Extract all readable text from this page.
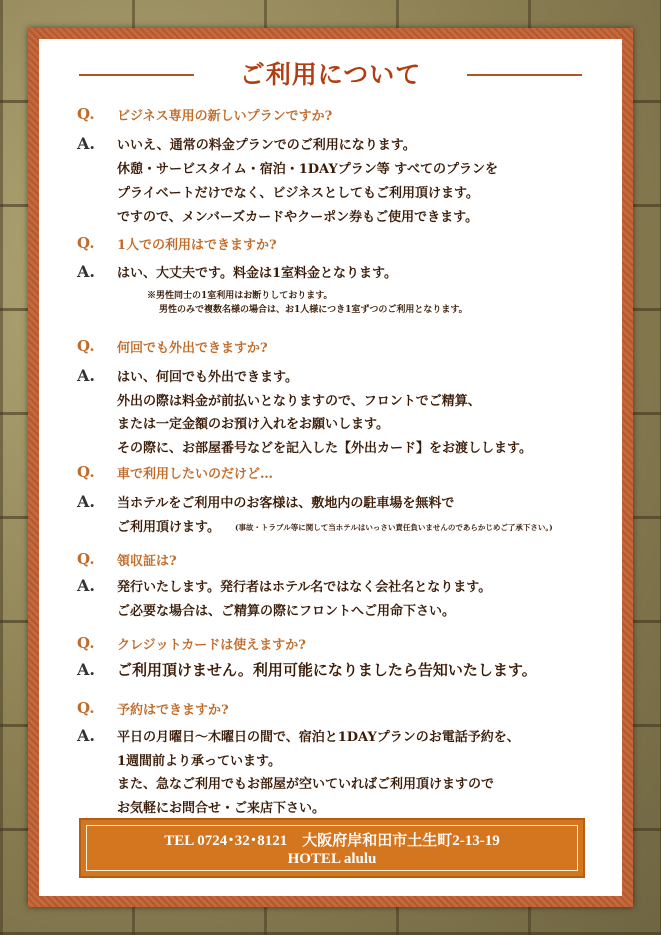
ご利用について
Q. ビジネス専用の新しいプランですか?
A. いいえ、通常の料金プランでのご利用になります。
休憩・サービスタイム・宿泊・1DAYプラン等 すべてのプランを
プライベートだけでなく、ビジネスとしてもご利用頂けます。
ですので、メンバーズカードやクーポン券もご使用できます。
Q. 1人での利用はできますか?
A. はい、大丈夫です。料金は1室料金となります。
※男性同士の1室利用はお断りしております。
男性のみで複数名様の場合は、お1人様につき1室ずつのご利用となります。
Q. 何回でも外出できますか?
A. はい、何回でも外出できます。
外出の際は料金が前払いとなりますので、フロントでご精算、
または一定金額のお預け入れをお願いします。
その際に、お部屋番号などを記入した【外出カード】をお渡しします。
Q. 車で利用したいのだけど…
A. 当ホテルをご利用中のお客様は、敷地内の駐車場を無料で
ご利用頂けます。 (事故・トラブル等に関して当ホテルはいっさい責任負いませんのであらかじめご了承下さい。)
Q. 領収証は?
A. 発行いたします。発行者はホテル名ではなく会社名となります。
ご必要な場合は、ご精算の際にフロントへご用命下さい。
Q. クレジットカードは使えますか?
A. ご利用頂けません。利用可能になりましたら告知いたします。
Q. 予約はできますか?
A. 平日の月曜日〜木曜日の間で、宿泊と1DAYプランのお電話予約を、
1週間前より承っています。
また、急なご利用でもお部屋が空いていればご利用頂けますので
お気軽にお問合せ・ご来店下さい。
TEL 0724･32･8121　大阪府岸和田市土生町2-13-19
HOTEL alulu
